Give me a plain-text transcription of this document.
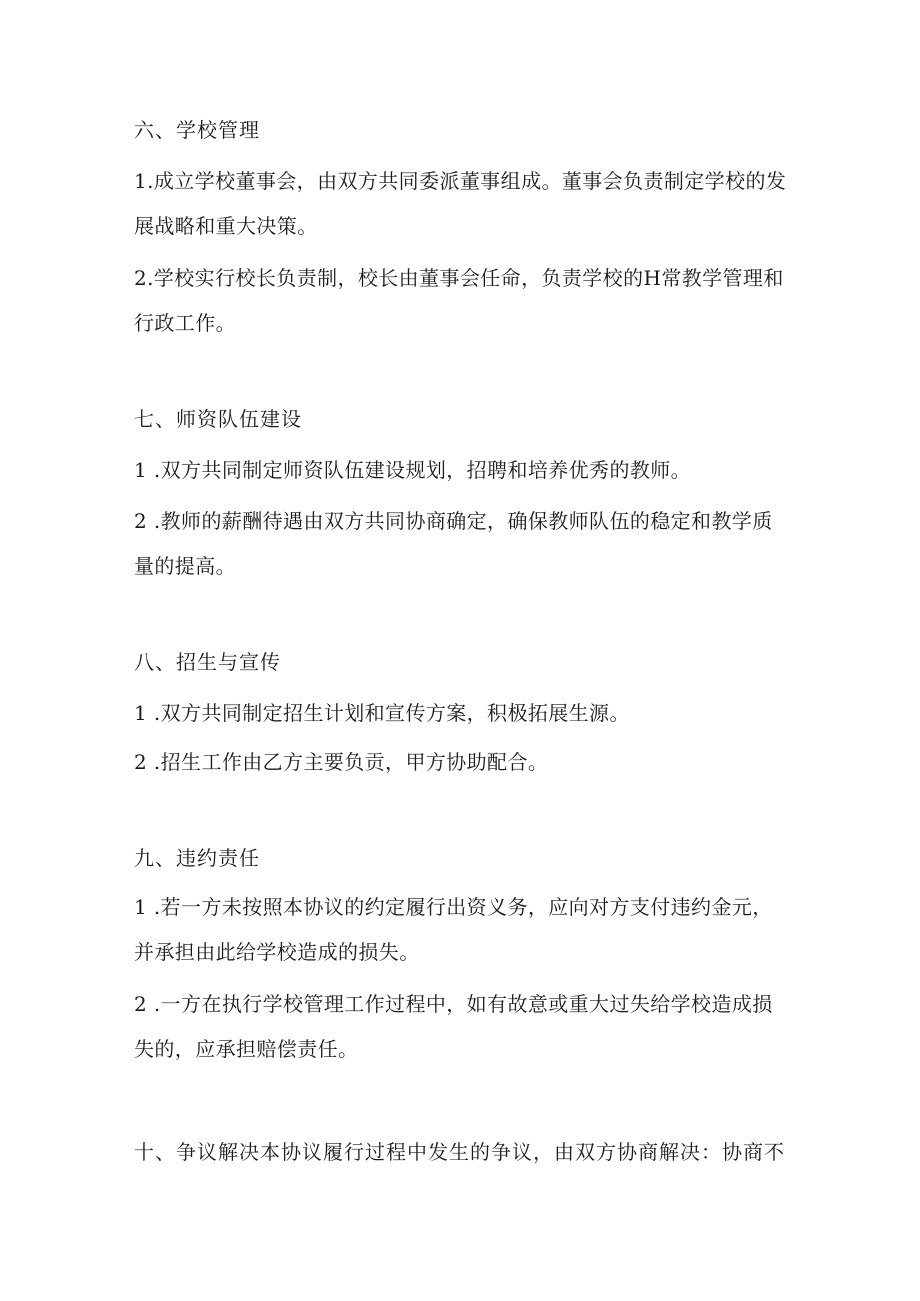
六、学校管理
1.成立学校董事会，由双方共同委派董事组成。董事会负责制定学校的发
展战略和重大决策。
2.学校实行校长负责制，校长由董事会任命，负责学校的H常教学管理和
行政工作。
七、师资队伍建设
1 .双方共同制定师资队伍建设规划，招聘和培养优秀的教师。
2 .教师的薪酬待遇由双方共同协商确定，确保教师队伍的稳定和教学质
量的提高。
八、招生与宣传
1 .双方共同制定招生计划和宣传方案，积极拓展生源。
2 .招生工作由乙方主要负贡，甲方协助配合。
九、违约责任
1 .若一方未按照本协议的约定履行出资义务，应向对方支付违约金元，
并承担由此给学校造成的损失。
2 .一方在执行学校管理工作过程中，如有故意或重大过失给学校造成损
失的，应承担赔偿责任。
十、争议解决本协议履行过程中发生的争议，由双方协商解决：协商不
